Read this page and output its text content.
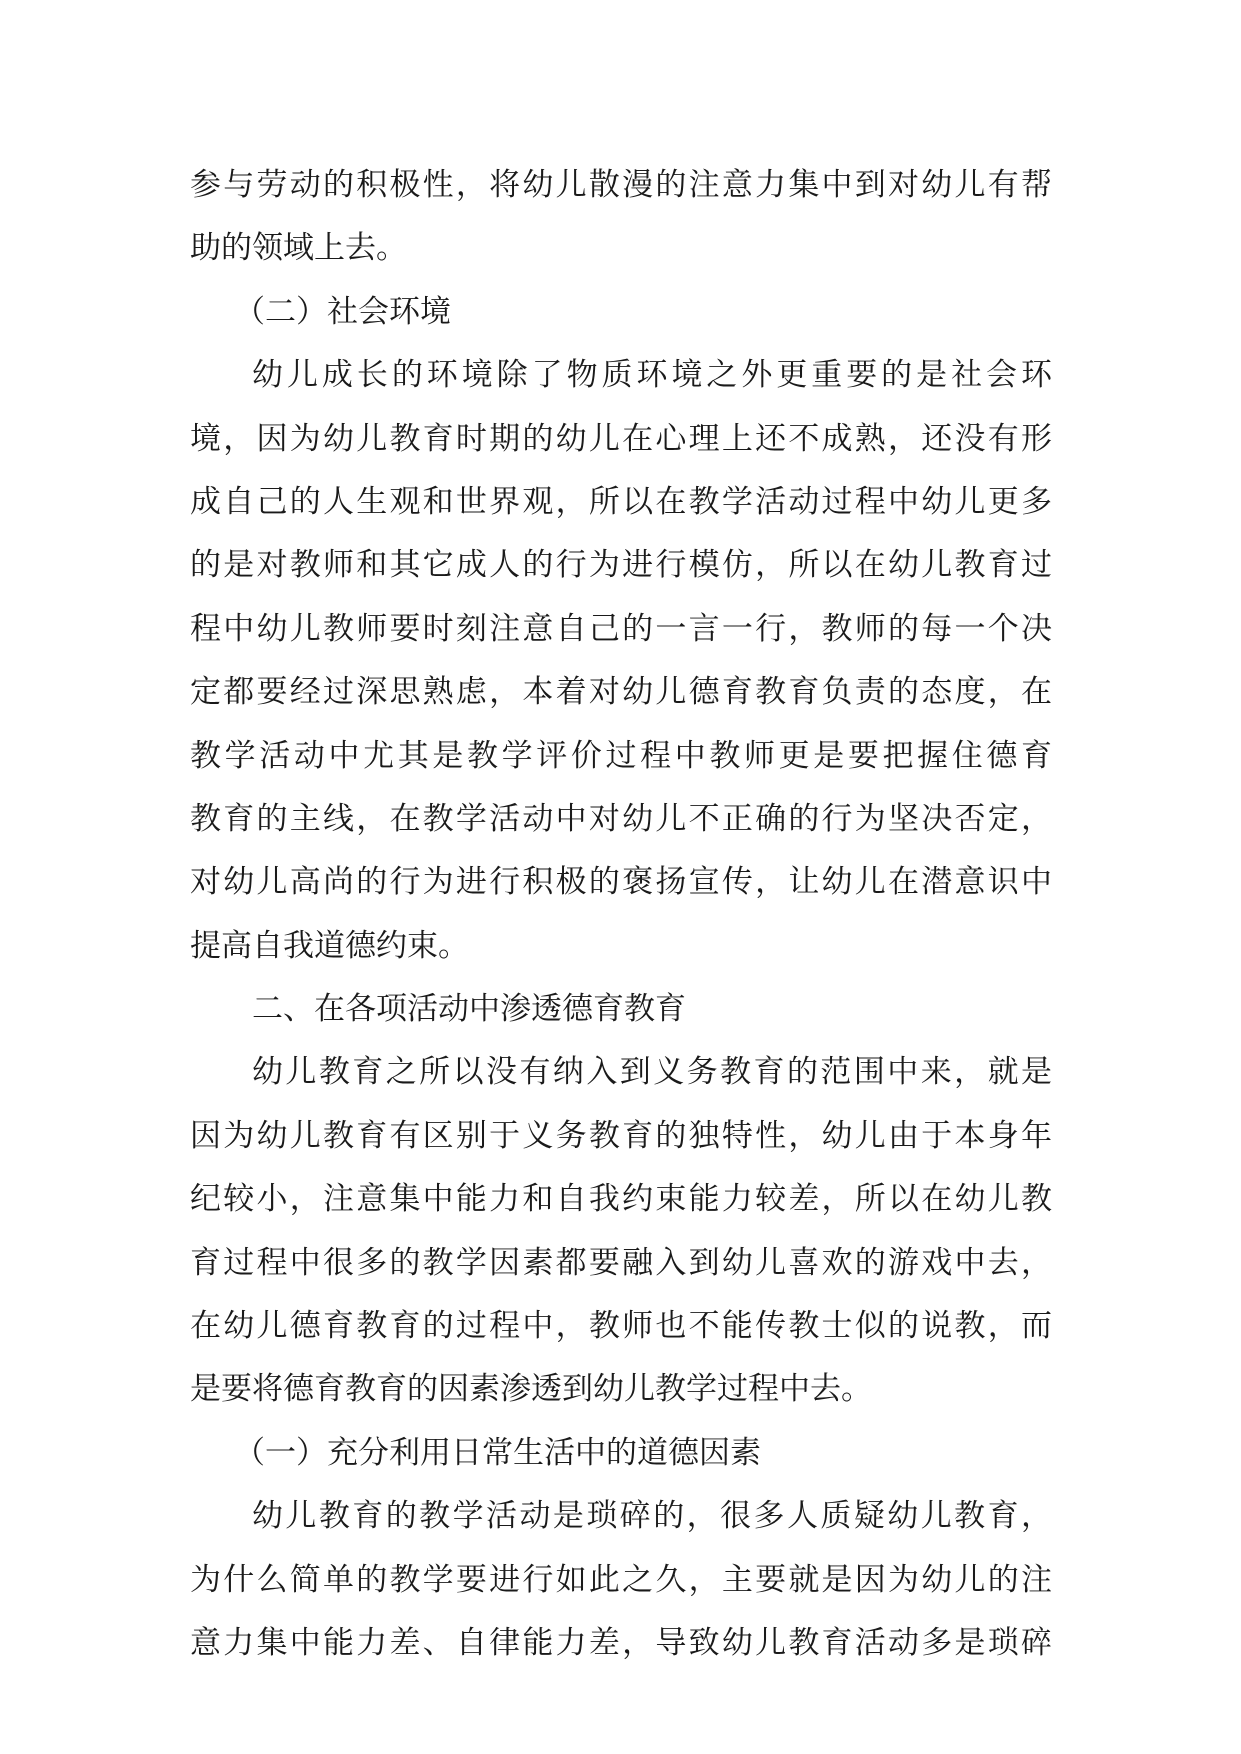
参与劳动的积极性，将幼儿散漫的注意力集中到对幼儿有帮
助的领域上去。
（二）社会环境
幼儿成长的环境除了物质环境之外更重要的是社会环
境，因为幼儿教育时期的幼儿在心理上还不成熟，还没有形
成自己的人生观和世界观，所以在教学活动过程中幼儿更多
的是对教师和其它成人的行为进行模仿，所以在幼儿教育过
程中幼儿教师要时刻注意自己的一言一行，教师的每一个决
定都要经过深思熟虑，本着对幼儿德育教育负责的态度，在
教学活动中尤其是教学评价过程中教师更是要把握住德育
教育的主线，在教学活动中对幼儿不正确的行为坚决否定，
对幼儿高尚的行为进行积极的褒扬宣传，让幼儿在潜意识中
提高自我道德约束。
二、在各项活动中渗透德育教育
幼儿教育之所以没有纳入到义务教育的范围中来，就是
因为幼儿教育有区别于义务教育的独特性，幼儿由于本身年
纪较小，注意集中能力和自我约束能力较差，所以在幼儿教
育过程中很多的教学因素都要融入到幼儿喜欢的游戏中去，
在幼儿德育教育的过程中，教师也不能传教士似的说教，而
是要将德育教育的因素渗透到幼儿教学过程中去。
（一）充分利用日常生活中的道德因素
幼儿教育的教学活动是琐碎的，很多人质疑幼儿教育，
为什么简单的教学要进行如此之久，主要就是因为幼儿的注
意力集中能力差、自律能力差，导致幼儿教育活动多是琐碎
